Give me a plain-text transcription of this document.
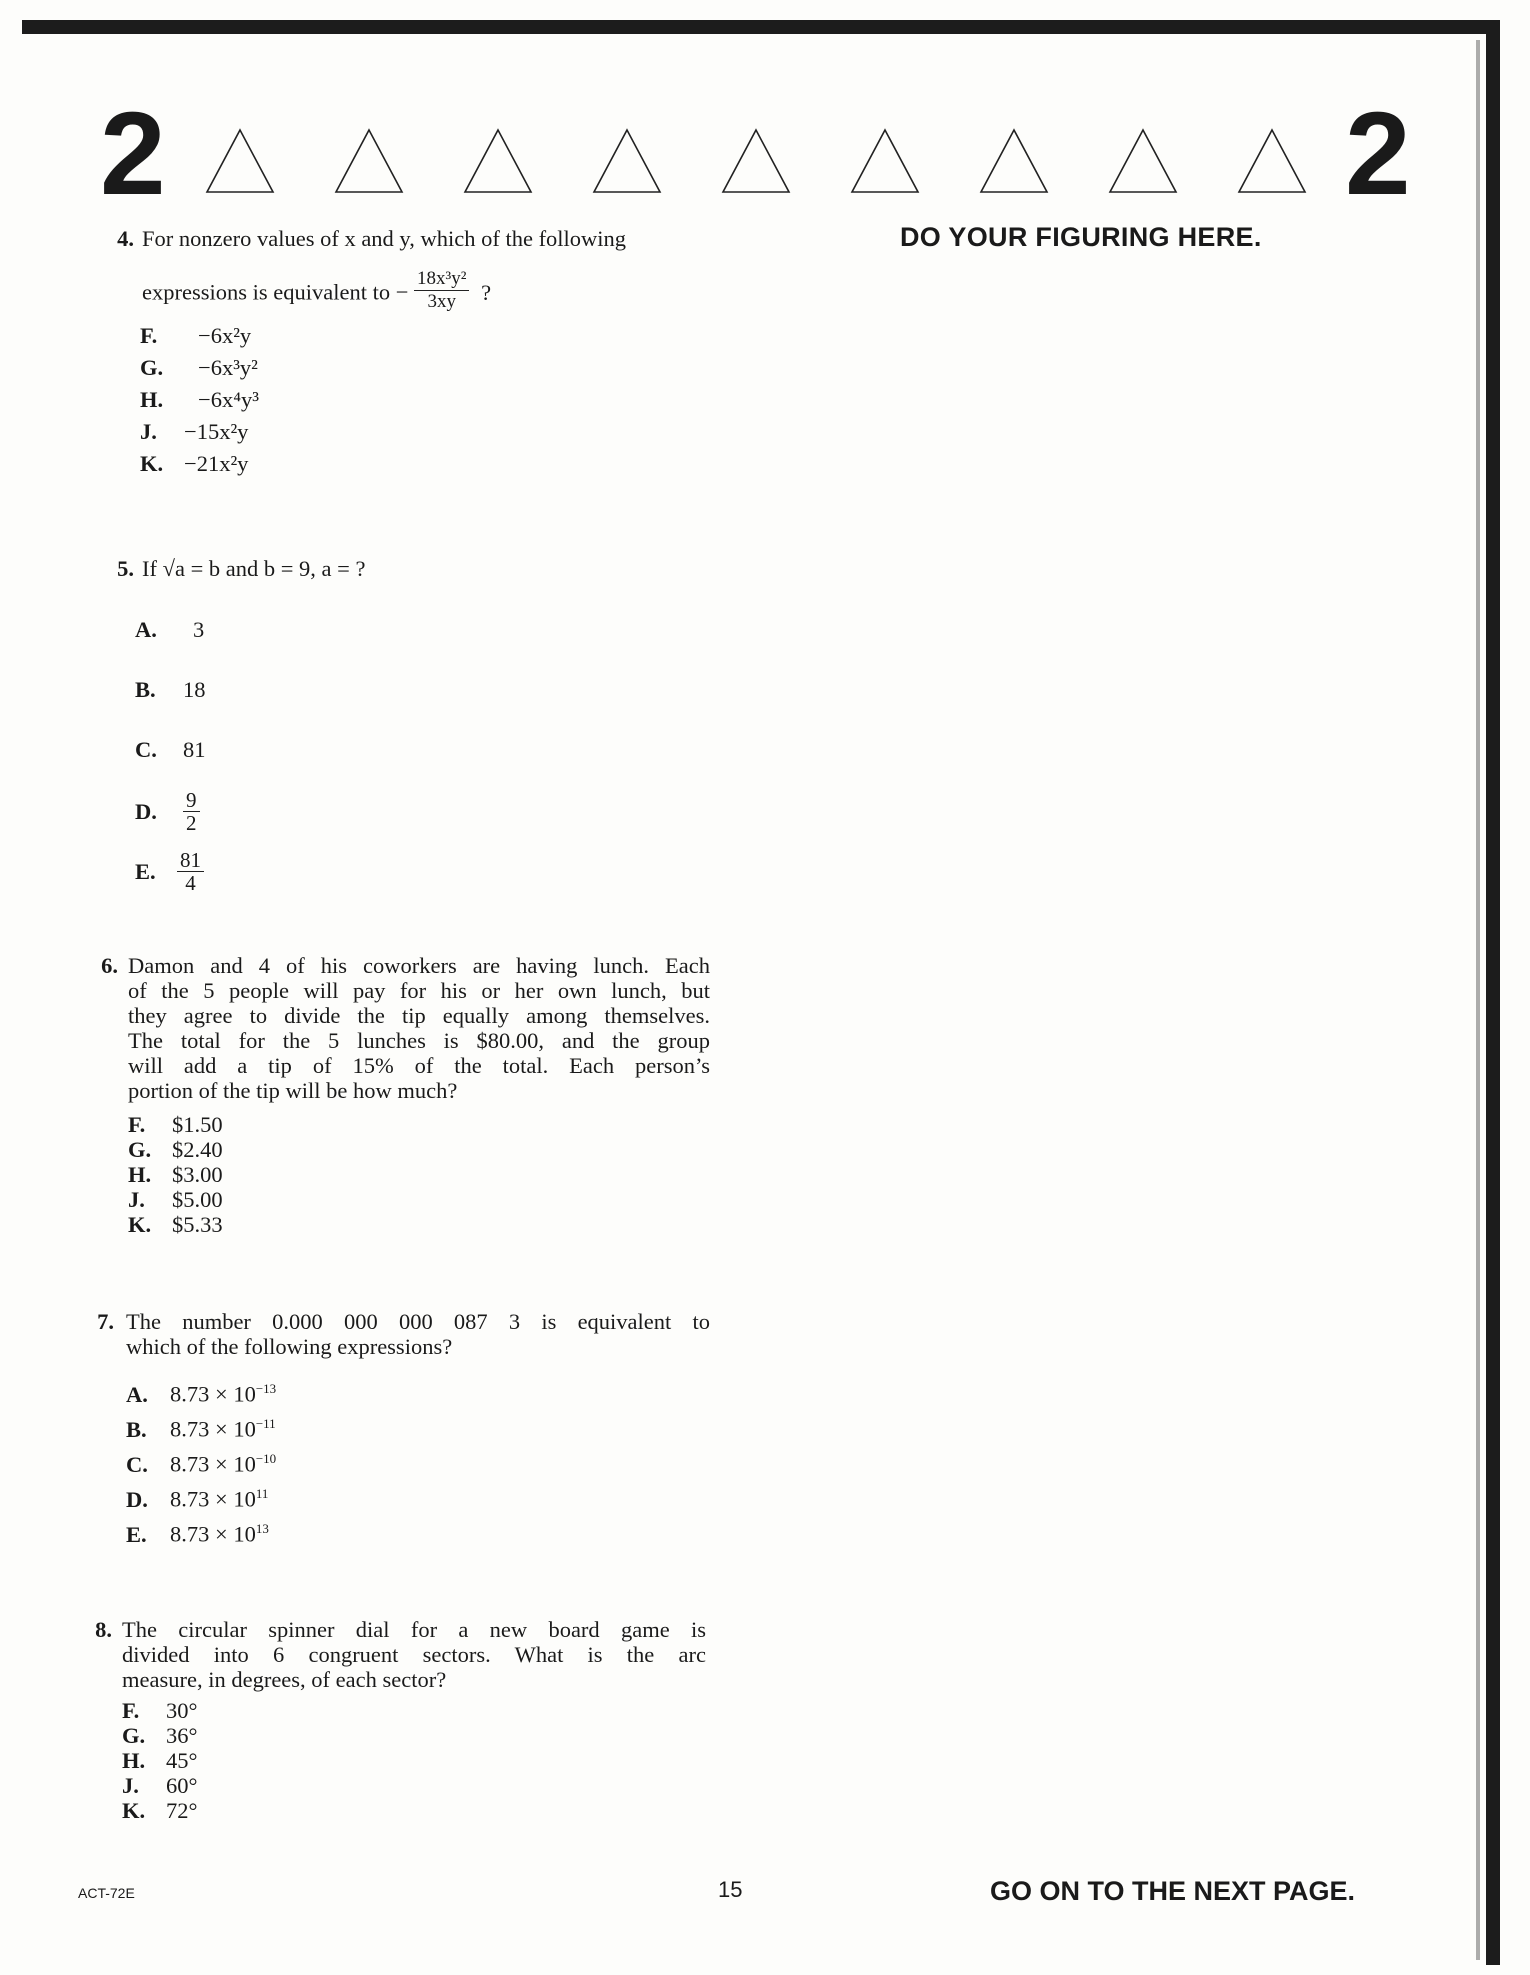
2	2
DO YOUR FIGURING HERE.
4. For nonzero values of x and y, which of the following
expressions is equivalent to − $\frac{\text{18x³y²}}{3xy}$ ?
F. −6x²y
G. −6x³y²
H. −6x⁴y³
J. −15x²y
K. −21x²y
5. If √a = b and b = 9, a = ?
A. 3
B. 18
C. 81
D. $\frac{9}{2}$
E. $\frac{81}{4}$
6. Damon and 4 of his coworkers are having lunch. Each
of the 5 people will pay for his or her own lunch, but
they agree to divide the tip equally among themselves.
The total for the 5 lunches is $80.00, and the group
will add a tip of 15% of the total. Each person’s
portion of the tip will be how much?
F. $1.50
G. $2.40
H. $3.00
J. $5.00
K. $5.33
7. The number 0.000 000 000 087 3 is equivalent to
which of the following expressions?
A. $8.73 \times 10^{-13}$
B. $8.73 \times 10^{-11}$
C. $8.73 \times 10^{-10}$
D. $8.73 \times 10^{11}$
E. $8.73 \times 10^{13}$
8. The circular spinner dial for a new board game is
divided into 6 congruent sectors. What is the arc
measure, in degrees, of each sector?
F. 30°
G. 36°
H. 45°
J. 60°
K. 72°
ACT-72E	15	GO ON TO THE NEXT PAGE.
